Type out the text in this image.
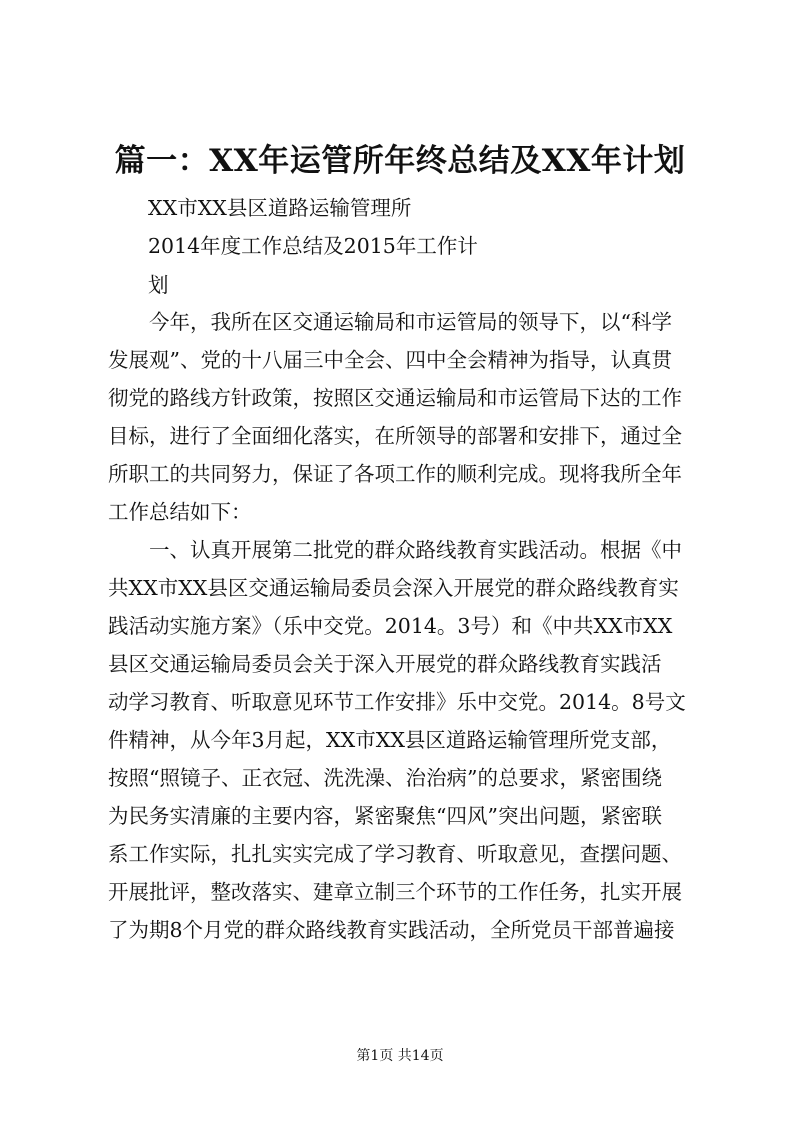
篇一：XX年运管所年终总结及XX年计划
XX市XX县区道路运输管理所
2014年度工作总结及2015年工作计
划
　　今年，我所在区交通运输局和市运管局的领导下，以“科学
发展观”、党的十八届三中全会、四中全会精神为指导，认真贯
彻党的路线方针政策，按照区交通运输局和市运管局下达的工作
目标，进行了全面细化落实，在所领导的部署和安排下，通过全
所职工的共同努力，保证了各项工作的顺利完成。现将我所全年
工作总结如下：
　　一、认真开展第二批党的群众路线教育实践活动。根据《中
共XX市XX县区交通运输局委员会深入开展党的群众路线教育实
践活动实施方案》（乐中交党。2014。3号）和《中共XX市XX
县区交通运输局委员会关于深入开展党的群众路线教育实践活
动学习教育、听取意见环节工作安排》乐中交党。2014。8号文
件精神，从今年3月起，XX市XX县区道路运输管理所党支部，
按照“照镜子、正衣冠、洗洗澡、治治病”的总要求，紧密围绕
为民务实清廉的主要内容，紧密聚焦“四风”突出问题，紧密联
系工作实际，扎扎实实完成了学习教育、听取意见，查摆问题、
开展批评，整改落实、建章立制三个环节的工作任务，扎实开展
了为期8个月党的群众路线教育实践活动，全所党员干部普遍接
第1页 共14页
